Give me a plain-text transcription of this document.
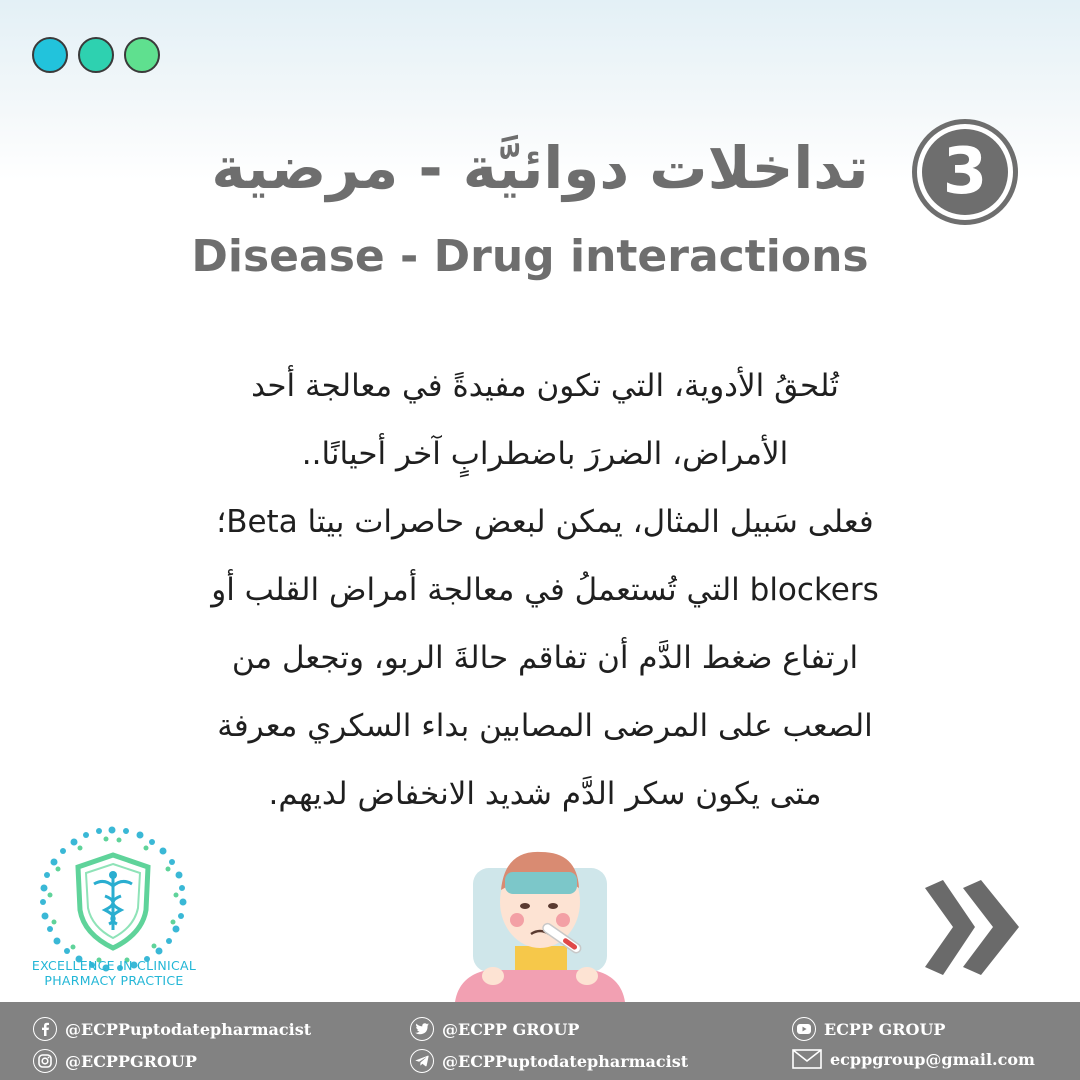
3
تداخلات دوائيَّة - مرضية
Disease - Drug interactions
تُلحقُ الأدوية، التي تكون مفيدةً في معالجة أحد
الأمراض، الضررَ باضطرابٍ آخر أحيانًا..
فعلى سَبيل المثال، يمكن لبعض حاصرات بيتا Beta؛
blockers التي تُستعملُ في معالجة أمراض القلب أو
ارتفاع ضغط الدَّم أن تفاقم حالةَ الربو، وتجعل من
الصعب على المرضى المصابين بداء السكري معرفة
متى يكون سكر الدَّم شديد الانخفاض لديهم.
EXCELLENCE IN CLINICAL
PHARMACY PRACTICE
@ECPPuptodatepharmacist
@ECPPGROUP
@ECPP GROUP
@ECPPuptodatepharmacist
ECPP GROUP
ecppgroup@gmail.com
